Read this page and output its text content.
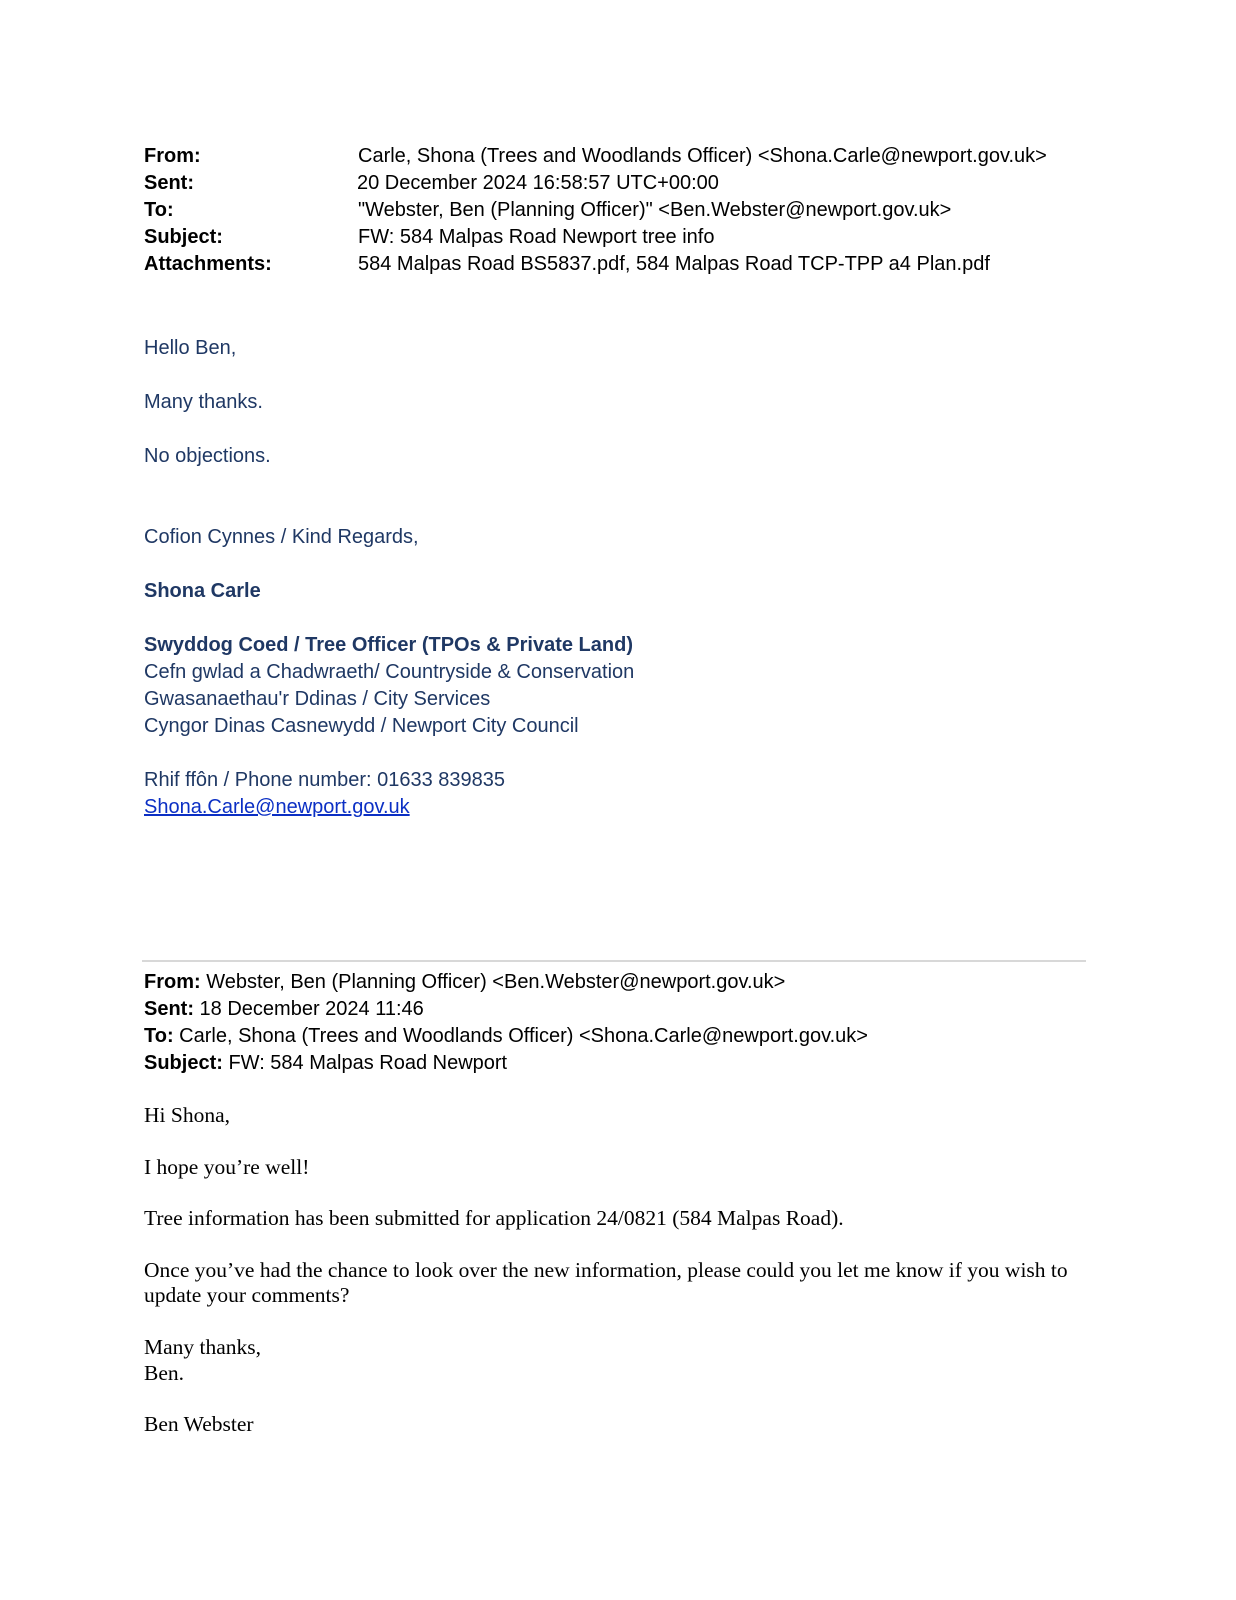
From:	Carle, Shona (Trees and Woodlands Officer) <Shona.Carle@newport.gov.uk>
Sent:	20 December 2024 16:58:57 UTC+00:00
To:	"Webster, Ben (Planning Officer)" <Ben.Webster@newport.gov.uk>
Subject:	FW: 584 Malpas Road Newport tree info
Attachments:	584 Malpas Road BS5837.pdf, 584 Malpas Road TCP-TPP a4 Plan.pdf
Hello Ben,
Many thanks.
No objections.
Cofion Cynnes / Kind Regards,
Shona Carle
Swyddog Coed / Tree Officer (TPOs & Private Land)
Cefn gwlad a Chadwraeth/ Countryside & Conservation
Gwasanaethau'r Ddinas / City Services
Cyngor Dinas Casnewydd / Newport City Council
Rhif ffôn / Phone number: 01633 839835
Shona.Carle@newport.gov.uk
From: Webster, Ben (Planning Officer) <Ben.Webster@newport.gov.uk>
Sent: 18 December 2024 11:46
To: Carle, Shona (Trees and Woodlands Officer) <Shona.Carle@newport.gov.uk>
Subject: FW: 584 Malpas Road Newport
Hi Shona,
I hope you’re well!
Tree information has been submitted for application 24/0821 (584 Malpas Road).
Once you’ve had the chance to look over the new information, please could you let me know if you wish to update your comments?
Many thanks,
Ben.
Ben Webster
